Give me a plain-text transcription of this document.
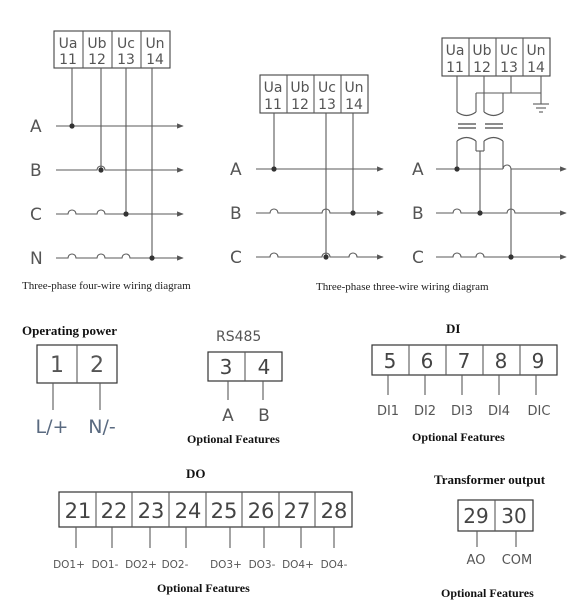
Ua
11
Ub
12
Uc
13
Un
14
A
B
C
N
Three-phase four-wire wiring diagram
Ua
11
Ub
12
Uc
13
Un
14
A
B
C
Three-phase three-wire wiring diagram
Ua
11
Ub
12
Uc
13
Un
14
A
B
C
Operating power
1 2
L/+ N/-
RS485
3 4
A B
Optional Features
DI
5 6 7 8 9
DI1 DI2 DI3 DI4 DIC
Optional Features
DO
21 22 23 24 25 26 27 28
DO1+ DO1- DO2+ DO2- DO3+ DO3- DO4+ DO4-
Optional Features
Transformer output
29 30
AO COM
Optional Features
